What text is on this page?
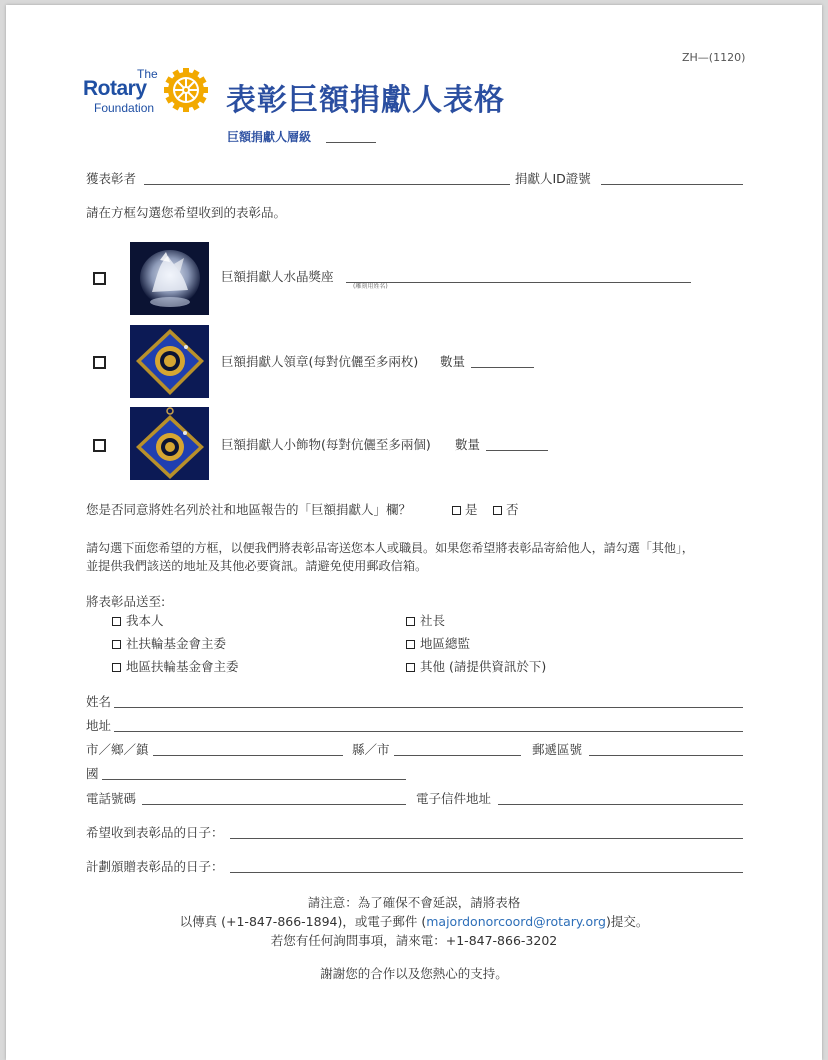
ZH—(1120)
The
Rotary
Foundation 表彰巨額捐獻人表格
巨額捐獻人層級
獲表彰者	捐獻人ID證號
請在方框勾選您希望收到的表彰品。
巨額捐獻人水晶獎座
(雕刻用姓名)
巨額捐獻人領章(每對伉儷至多兩枚) 數量
巨額捐獻人小飾物(每對伉儷至多兩個) 數量
您是否同意將姓名列於社和地區報告的「巨額捐獻人」欄？	是 否
請勾選下面您希望的方框，以便我們將表彰品寄送您本人或職員。如果您希望將表彰品寄給他人，請勾選「其他」，
並提供我們該送的地址及其他必要資訊。請避免使用郵政信箱。
將表彰品送至:
我本人
社扶輪基金會主委
地區扶輪基金會主委
社長
地區總監
其他 (請提供資訊於下)
姓名
地址
市／鄉／鎮	縣／市	郵遞區號
國
電話號碼	電子信件地址
希望收到表彰品的日子：
計劃頒贈表彰品的日子：
請注意：為了確保不會延誤，請將表格
以傳真 (+1-847-866-1894)，或電子郵件 (majordonorcoord@rotary.org)提交。
若您有任何詢問事項，請來電：+1-847-866-3202
謝謝您的合作以及您熱心的支持。
